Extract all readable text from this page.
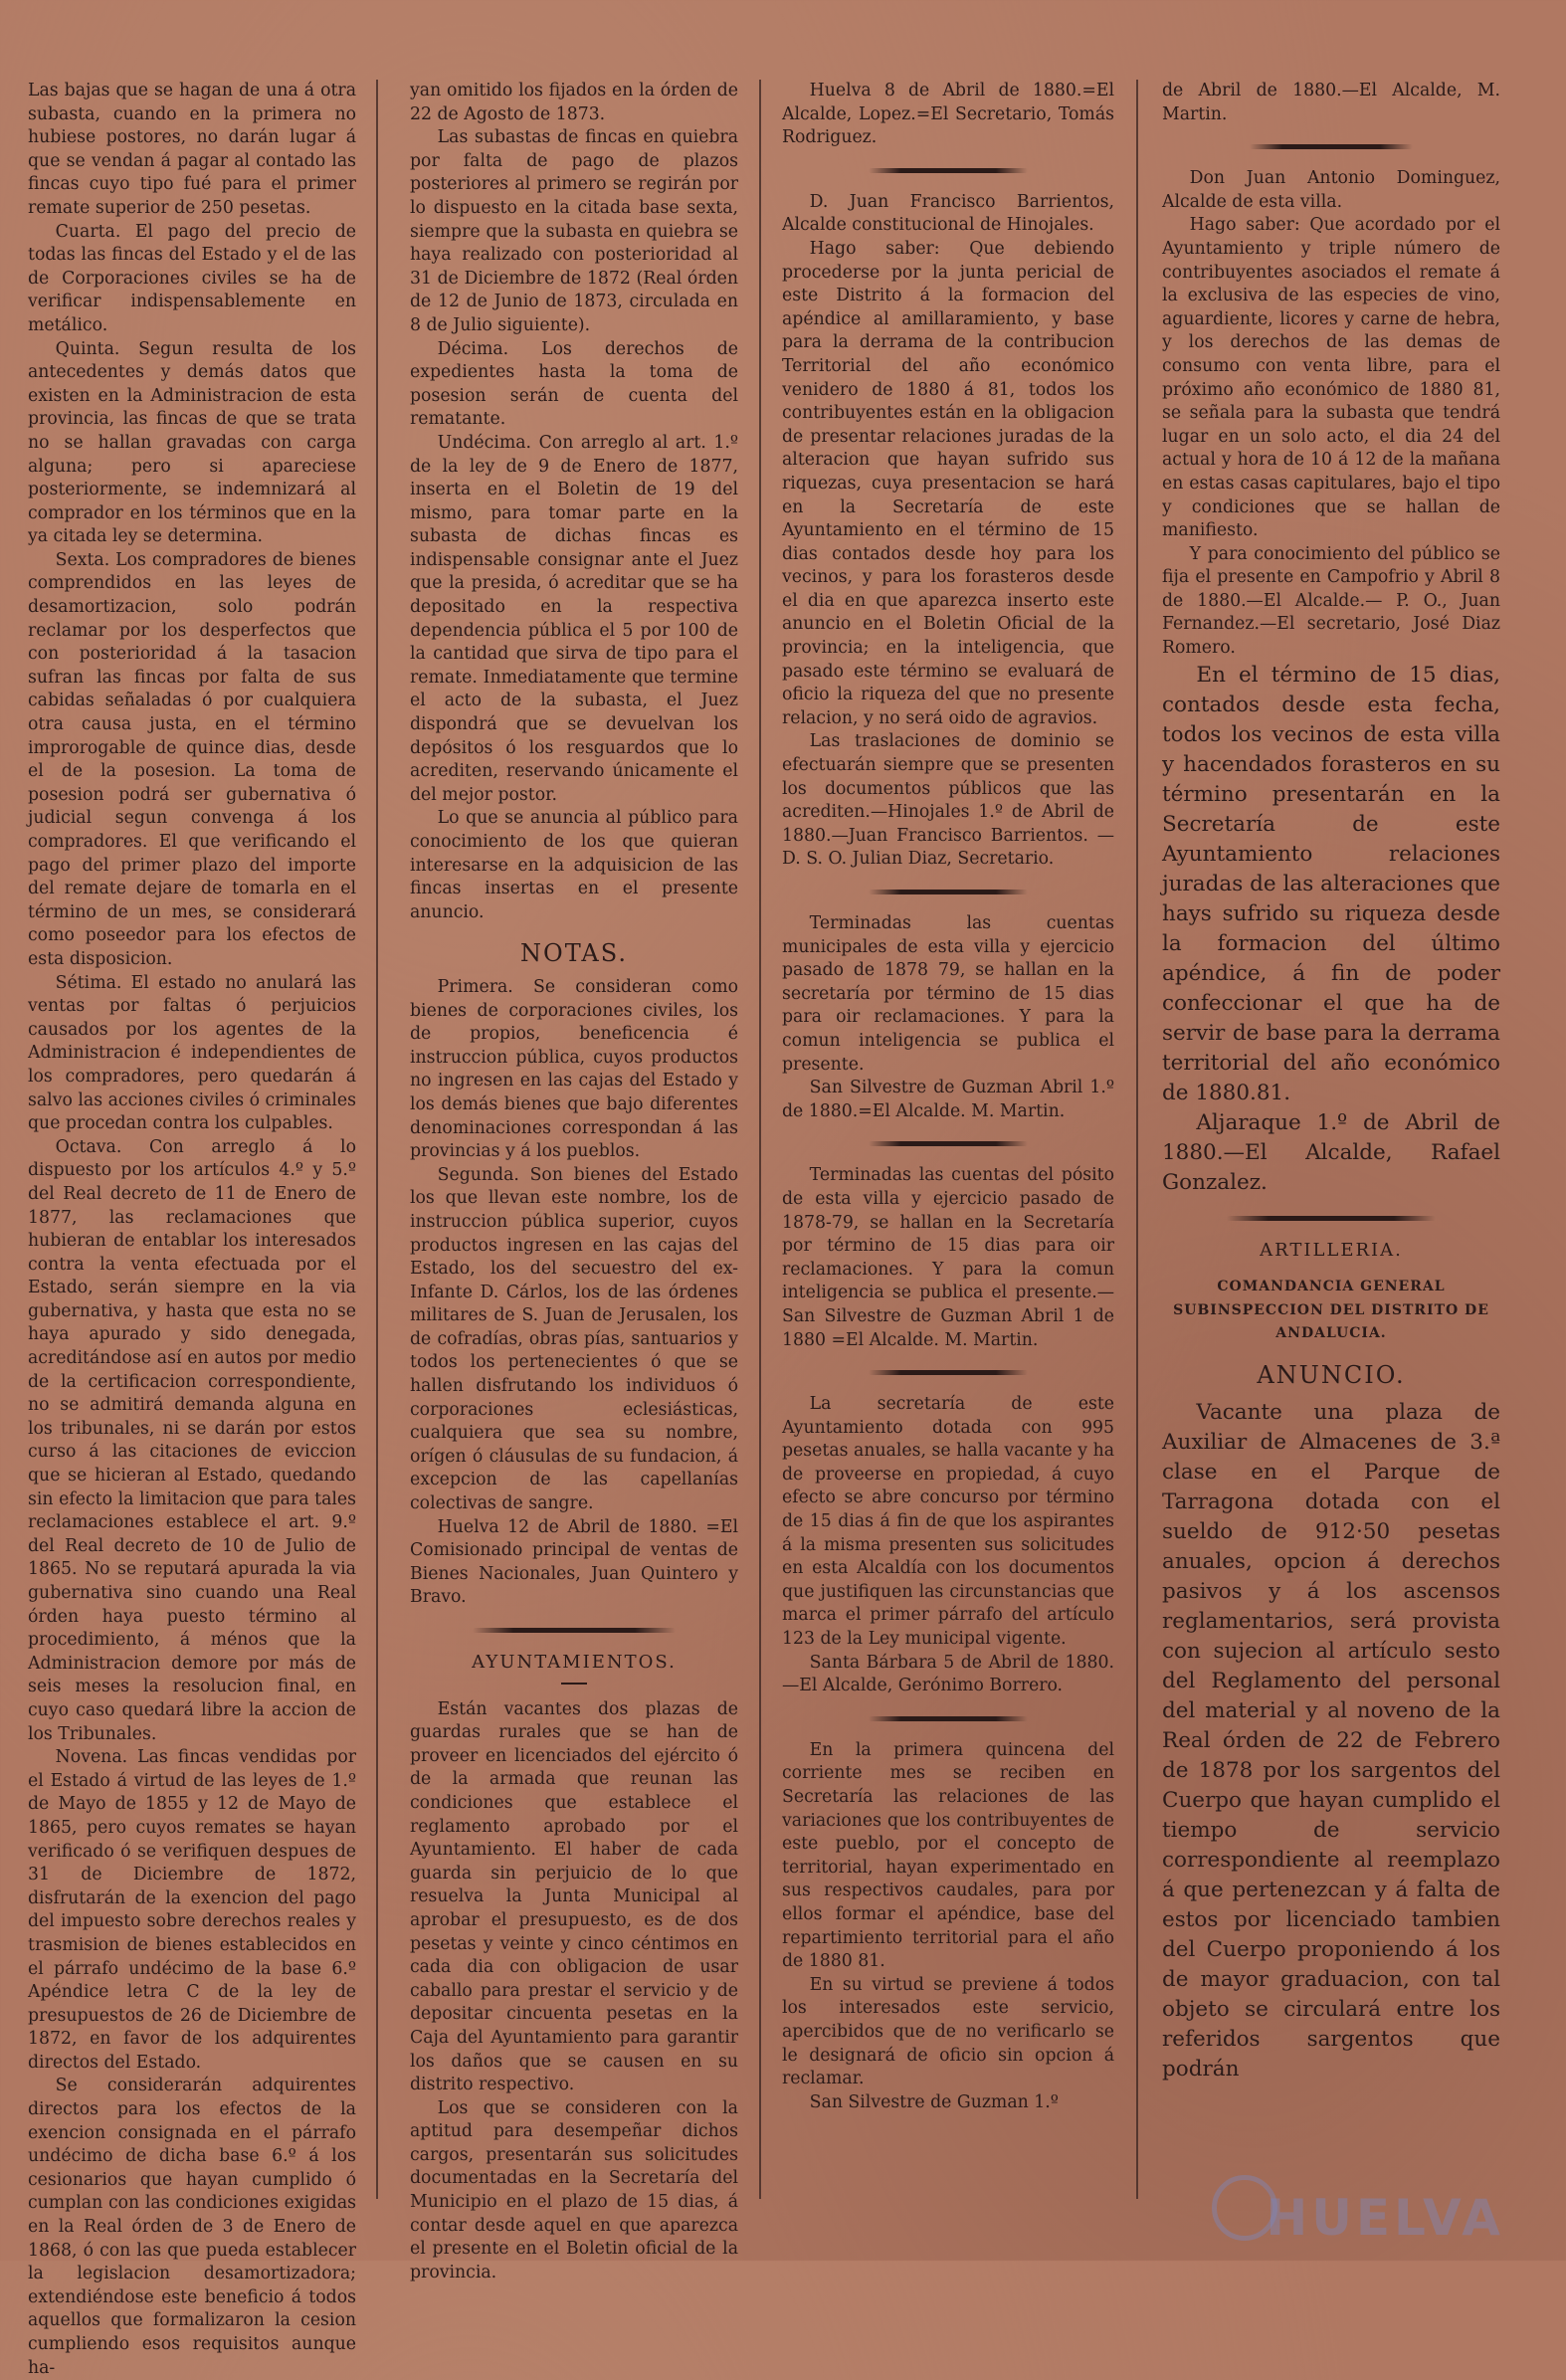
Las bajas que se hagan de una á otra subasta, cuando en la primera no hubiese postores, no darán lugar á que se vendan á pagar al contado las fincas cuyo tipo fué para el primer remate superior de 250 pesetas.

Cuarta. El pago del precio de todas las fincas del Estado y el de las de Corporaciones civiles se ha de verificar indispensablemente en metálico.

Quinta. Segun resulta de los antecedentes y demás datos que existen en la Administracion de esta provincia, las fincas de que se trata no se hallan gravadas con carga alguna; pero si apareciese posteriormente, se indemnizará al comprador en los términos que en la ya citada ley se determina.

Sexta. Los compradores de bienes comprendidos en las leyes de desamortizacion, solo podrán reclamar por los desperfectos que con posterioridad á la tasacion sufran las fincas por falta de sus cabidas señaladas ó por cualquiera otra causa justa, en el término improrogable de quince dias, desde el de la posesion. La toma de posesion podrá ser gubernativa ó judicial segun convenga á los compradores. El que verificando el pago del primer plazo del importe del remate dejare de tomarla en el término de un mes, se considerará como poseedor para los efectos de esta disposicion.

Sétima. El estado no anulará las ventas por faltas ó perjuicios causados por los agentes de la Administracion é independientes de los compradores, pero quedarán á salvo las acciones civiles ó criminales que procedan contra los culpables.

Octava. Con arreglo á lo dispuesto por los artículos 4.º y 5.º del Real decreto de 11 de Enero de 1877, las reclamaciones que hubieran de entablar los interesados contra la venta efectuada por el Estado, serán siempre en la via gubernativa, y hasta que esta no se haya apurado y sido denegada, acreditándose así en autos por medio de la certificacion correspondiente, no se admitirá demanda alguna en los tribunales, ni se darán por estos curso á las citaciones de eviccion que se hicieran al Estado, quedando sin efecto la limitacion que para tales reclamaciones establece el art. 9.º del Real decreto de 10 de Julio de 1865. No se reputará apurada la via gubernativa sino cuando una Real órden haya puesto término al procedimiento, á ménos que la Administracion demore por más de seis meses la resolucion final, en cuyo caso quedará libre la accion de los Tribunales.

Novena. Las fincas vendidas por el Estado á virtud de las leyes de 1.º de Mayo de 1855 y 12 de Mayo de 1865, pero cuyos remates se hayan verificado ó se verifiquen despues de 31 de Diciembre de 1872, disfrutarán de la exencion del pago del impuesto sobre derechos reales y trasmision de bienes establecidos en el párrafo undécimo de la base 6.º Apéndice letra C de la ley de presupuestos de 26 de Diciembre de 1872, en favor de los adquirentes directos del Estado.

Se considerarán adquirentes directos para los efectos de la exencion consignada en el párrafo undécimo de dicha base 6.º á los cesionarios que hayan cumplido ó cumplan con las condiciones exigidas en la Real órden de 3 de Enero de 1868, ó con las que pueda establecer la legislacion desamortizadora; extendiéndose este beneficio á todos aquellos que formalizaron la cesion cumpliendo esos requisitos aunque ha-

yan omitido los fijados en la órden de 22 de Agosto de 1873.

Las subastas de fincas en quiebra por falta de pago de plazos posteriores al primero se regirán por lo dispuesto en la citada base sexta, siempre que la subasta en quiebra se haya realizado con posterioridad al 31 de Diciembre de 1872 (Real órden de 12 de Junio de 1873, circulada en 8 de Julio siguiente).

Décima. Los derechos de expedientes hasta la toma de posesion serán de cuenta del rematante.

Undécima. Con arreglo al art. 1.º de la ley de 9 de Enero de 1877, inserta en el Boletin de 19 del mismo, para tomar parte en la subasta de dichas fincas es indispensable consignar ante el Juez que la presida, ó acreditar que se ha depositado en la respectiva dependencia pública el 5 por 100 de la cantidad que sirva de tipo para el remate. Inmediatamente que termine el acto de la subasta, el Juez dispondrá que se devuelvan los depósitos ó los resguardos que lo acrediten, reservando únicamente el del mejor postor.

Lo que se anuncia al público para conocimiento de los que quieran interesarse en la adquisicion de las fincas insertas en el presente anuncio.

NOTAS.

Primera. Se consideran como bienes de corporaciones civiles, los de propios, beneficencia é instruccion pública, cuyos productos no ingresen en las cajas del Estado y los demás bienes que bajo diferentes denominaciones correspondan á las provincias y á los pueblos.

Segunda. Son bienes del Estado los que llevan este nombre, los de instruccion pública superior, cuyos productos ingresen en las cajas del Estado, los del secuestro del ex-Infante D. Cárlos, los de las órdenes militares de S. Juan de Jerusalen, los de cofradías, obras pías, santuarios y todos los pertenecientes ó que se hallen disfrutando los individuos ó corporaciones eclesiásticas, cualquiera que sea su nombre, orígen ó cláusulas de su fundacion, á excepcion de las capellanías colectivas de sangre.

Huelva 12 de Abril de 1880. =El Comisionado principal de ventas de Bienes Nacionales, Juan Quintero y Bravo.

AYUNTAMIENTOS.

Están vacantes dos plazas de guardas rurales que se han de proveer en licenciados del ejército ó de la armada que reunan las condiciones que establece el reglamento aprobado por el Ayuntamiento. El haber de cada guarda sin perjuicio de lo que resuelva la Junta Municipal al aprobar el presupuesto, es de dos pesetas y veinte y cinco céntimos en cada dia con obligacion de usar caballo para prestar el servicio y de depositar cincuenta pesetas en la Caja del Ayuntamiento para garantir los daños que se causen en su distrito respectivo.

Los que se consideren con la aptitud para desempeñar dichos cargos, presentarán sus solicitudes documentadas en la Secretaría del Municipio en el plazo de 15 dias, á contar desde aquel en que aparezca el presente en el Boletin oficial de la provincia.

Huelva 8 de Abril de 1880.=El Alcalde, Lopez.=El Secretario, Tomás Rodriguez.

D. Juan Francisco Barrientos, Alcalde constitucional de Hinojales.

Hago saber: Que debiendo procederse por la junta pericial de este Distrito á la formacion del apéndice al amillaramiento, y base para la derrama de la contribucion Territorial del año económico venidero de 1880 á 81, todos los contribuyentes están en la obligacion de presentar relaciones juradas de la alteracion que hayan sufrido sus riquezas, cuya presentacion se hará en la Secretaría de este Ayuntamiento en el término de 15 dias contados desde hoy para los vecinos, y para los forasteros desde el dia en que aparezca inserto este anuncio en el Boletin Oficial de la provincia; en la inteligencia, que pasado este término se evaluará de oficio la riqueza del que no presente relacion, y no será oido de agravios.

Las traslaciones de dominio se efectuarán siempre que se presenten los documentos públicos que las acrediten.—Hinojales 1.º de Abril de 1880.—Juan Francisco Barrientos. —D. S. O. Julian Diaz, Secretario.

Terminadas las cuentas municipales de esta villa y ejercicio pasado de 1878 79, se hallan en la secretaría por término de 15 dias para oir reclamaciones. Y para la comun inteligencia se publica el presente.

San Silvestre de Guzman Abril 1.º de 1880.=El Alcalde. M. Martin.

Terminadas las cuentas del pósito de esta villa y ejercicio pasado de 1878-79, se hallan en la Secretaría por término de 15 dias para oir reclamaciones. Y para la comun inteligencia se publica el presente.—San Silvestre de Guzman Abril 1 de 1880 =El Alcalde. M. Martin.

La secretaría de este Ayuntamiento dotada con 995 pesetas anuales, se halla vacante y ha de proveerse en propiedad, á cuyo efecto se abre concurso por término de 15 dias á fin de que los aspirantes á la misma presenten sus solicitudes en esta Alcaldía con los documentos que justifiquen las circunstancias que marca el primer párrafo del artículo 123 de la Ley municipal vigente.

Santa Bárbara 5 de Abril de 1880. —El Alcalde, Gerónimo Borrero.

En la primera quincena del corriente mes se reciben en Secretaría las relaciones de las variaciones que los contribuyentes de este pueblo, por el concepto de territorial, hayan experimentado en sus respectivos caudales, para por ellos formar el apéndice, base del repartimiento territorial para el año de 1880 81.

En su virtud se previene á todos los interesados este servicio, apercibidos que de no verificarlo se le designará de oficio sin opcion á reclamar.

San Silvestre de Guzman 1.º

de Abril de 1880.—El Alcalde, M. Martin.

Don Juan Antonio Dominguez, Alcalde de esta villa.

Hago saber: Que acordado por el Ayuntamiento y triple número de contribuyentes asociados el remate á la exclusiva de las especies de vino, aguardiente, licores y carne de hebra, y los derechos de las demas de consumo con venta libre, para el próximo año económico de 1880 81, se señala para la subasta que tendrá lugar en un solo acto, el dia 24 del actual y hora de 10 á 12 de la mañana en estas casas capitulares, bajo el tipo y condiciones que se hallan de manifiesto.

Y para conocimiento del público se fija el presente en Campofrio y Abril 8 de 1880.—El Alcalde.— P. O., Juan Fernandez.—El secretario, José Diaz Romero.

En el término de 15 dias, contados desde esta fecha, todos los vecinos de esta villa y hacendados forasteros en su término presentarán en la Secretaría de este Ayuntamiento relaciones juradas de las alteraciones que hays sufrido su riqueza desde la formacion del último apéndice, á fin de poder confeccionar el que ha de servir de base para la derrama territorial del año económico de 1880.81.

Aljaraque 1.º de Abril de 1880.—El Alcalde, Rafael Gonzalez.

ARTILLERIA.
COMANDANCIA GENERAL SUBINSPECCION DEL DISTRITO DE ANDALUCIA.
ANUNCIO.

Vacante una plaza de Auxiliar de Almacenes de 3.ª clase en el Parque de Tarragona dotada con el sueldo de 912·50 pesetas anuales, opcion á derechos pasivos y á los ascensos reglamentarios, será provista con sujecion al artículo sesto del Reglamento del personal del material y al noveno de la Real órden de 22 de Febrero de 1878 por los sargentos del Cuerpo que hayan cumplido el tiempo de servicio correspondiente al reemplazo á que pertenezcan y á falta de estos por licenciado tambien del Cuerpo proponiendo á los de mayor graduacion, con tal objeto se circulará entre los referidos sargentos que podrán

HUELVA
